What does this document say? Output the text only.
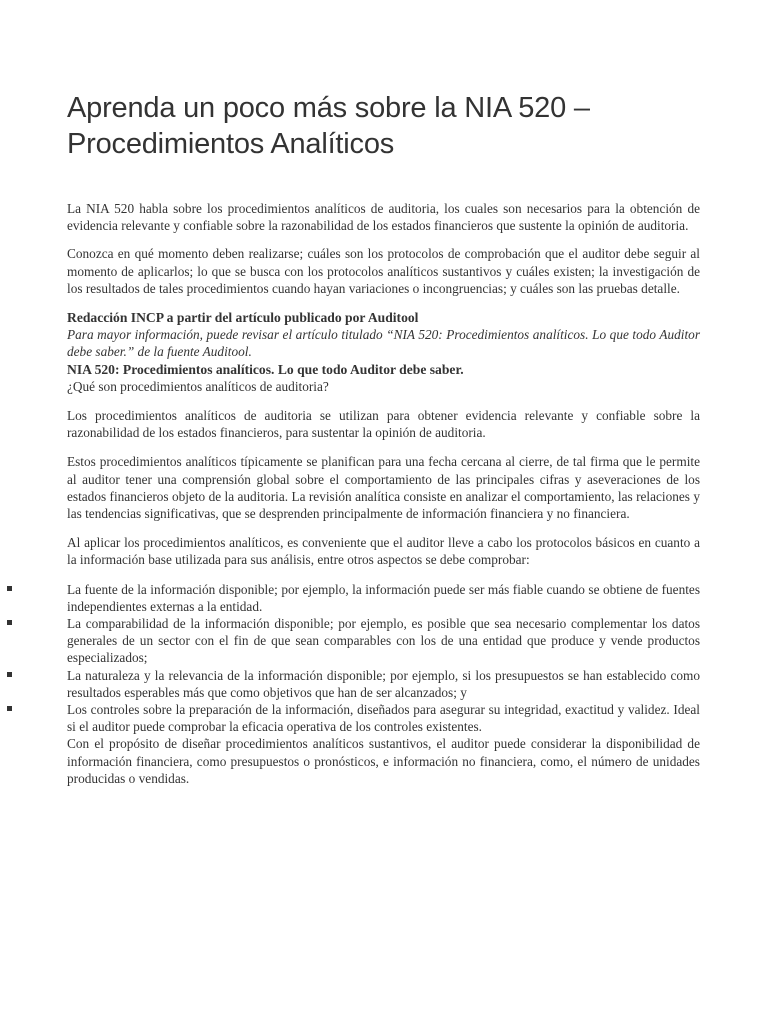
Aprenda un poco más sobre la NIA 520 – Procedimientos Analíticos

La NIA 520 habla sobre los procedimientos analíticos de auditoria, los cuales son necesarios para la obtención de evidencia relevante y confiable sobre la razonabilidad de los estados financieros que sustente la opinión de auditoria.

Conozca en qué momento deben realizarse; cuáles son los protocolos de comprobación que el auditor debe seguir al momento de aplicarlos; lo que se busca con los protocolos analíticos sustantivos y cuáles existen; la investigación de los resultados de tales procedimientos cuando hayan variaciones o incongruencias; y cuáles son las pruebas detalle.

Redacción INCP a partir del artículo publicado por Auditool

Para mayor información, puede revisar el artículo titulado “NIA 520: Procedimientos analíticos. Lo que todo Auditor debe saber.” de la fuente Auditool.

NIA 520: Procedimientos analíticos. Lo que todo Auditor debe saber.

¿Qué son procedimientos analíticos de auditoria?

Los procedimientos analíticos de auditoria se utilizan para obtener evidencia relevante y confiable sobre la razonabilidad de los estados financieros, para sustentar la opinión de auditoria.

Estos procedimientos analíticos típicamente se planifican para una fecha cercana al cierre, de tal firma que le permite al auditor tener una comprensión global sobre el comportamiento de las principales cifras y aseveraciones de los estados financieros objeto de la auditoria. La revisión analítica consiste en analizar el comportamiento, las relaciones y las tendencias significativas, que se desprenden principalmente de información financiera y no financiera.

Al aplicar los procedimientos analíticos, es conveniente que el auditor lleve a cabo los protocolos básicos en cuanto a la información base utilizada para sus análisis, entre otros aspectos se debe comprobar:

La fuente de la información disponible; por ejemplo, la información puede ser más fiable cuando se obtiene de fuentes independientes externas a la entidad.
La comparabilidad de la información disponible; por ejemplo, es posible que sea necesario complementar los datos generales de un sector con el fin de que sean comparables con los de una entidad que produce y vende productos especializados;
La naturaleza y la relevancia de la información disponible; por ejemplo, si los presupuestos se han establecido como resultados esperables más que como objetivos que han de ser alcanzados; y
Los controles sobre la preparación de la información, diseñados para asegurar su integridad, exactitud y validez. Ideal si el auditor puede comprobar la eficacia operativa de los controles existentes.

Con el propósito de diseñar procedimientos analíticos sustantivos, el auditor puede considerar la disponibilidad de información financiera, como presupuestos o pronósticos, e información no financiera, como, el número de unidades producidas o vendidas.
